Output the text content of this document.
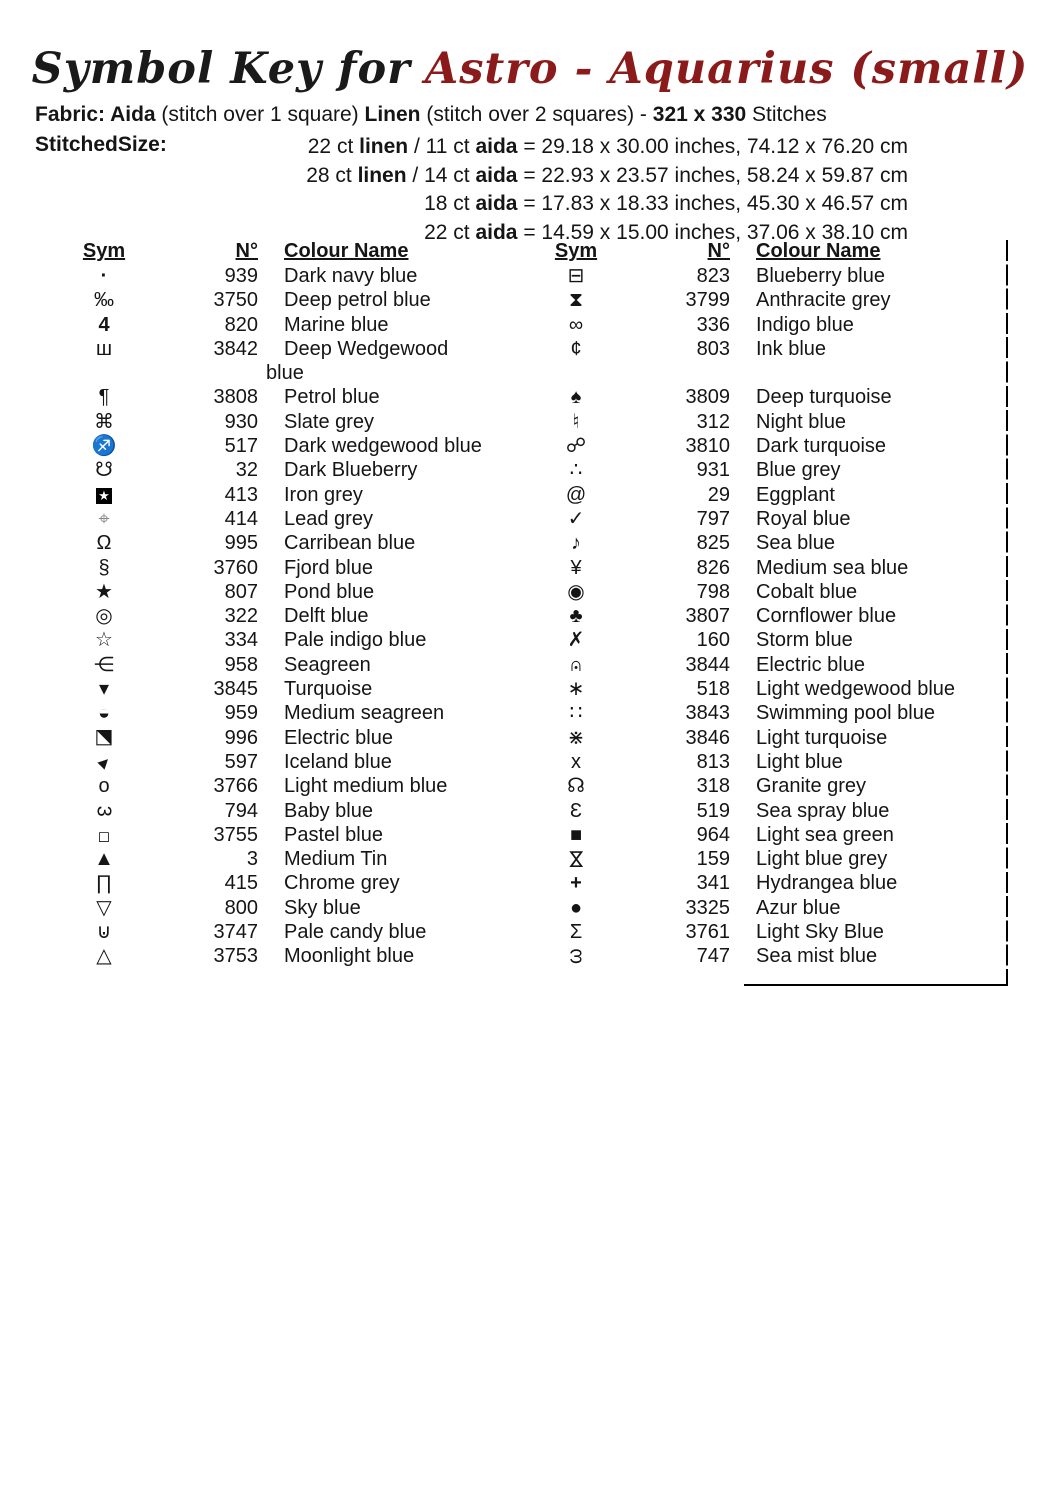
Symbol Key for Astro - Aquarius (small)
Fabric: Aida (stitch over 1 square) Linen (stitch over 2 squares) - 321 x 330 Stitches
StitchedSize:	22 ct linen / 11 ct aida = 29.18 x 30.00 inches, 74.12 x 76.20 cm
28 ct linen / 14 ct aida = 22.93 x 23.57 inches, 58.24 x 59.87 cm
18 ct aida = 17.83 x 18.33 inches, 45.30 x 46.57 cm
22 ct aida = 14.59 x 15.00 inches, 37.06 x 38.10 cm
Sym	N°	Colour Name
·	939	Dark navy blue
‰	3750	Deep petrol blue
4	820	Marine blue
ш	3842	Deep Wedgewood
blue
¶	3808	Petrol blue
⌘	930	Slate grey
♐	517	Dark wedgewood blue
☋	32	Dark Blueberry
★	413	Iron grey
⌖	414	Lead grey
Ω	995	Carribean blue
§	3760	Fjord blue
★	807	Pond blue
◎	322	Delft blue
☆	334	Pale indigo blue
⋲	958	Seagreen
▾	3845	Turquoise
◒	959	Medium seagreen
◪	996	Electric blue
▸	597	Iceland blue
o	3766	Light medium blue
3	794	Baby blue
◻	3755	Pastel blue
▲	3	Medium Tin
∏	415	Chrome grey
▽	800	Sky blue
⊍	3747	Pale candy blue
△	3753	Moonlight blue
Sym	N°	Colour Name
⊟	823	Blueberry blue
⧗	3799	Anthracite grey
∞	336	Indigo blue
¢	803	Ink blue
♠	3809	Deep turquoise
♮	312	Night blue
☍	3810	Dark turquoise
∴	931	Blue grey
@	29	Eggplant
✓	797	Royal blue
♪	825	Sea blue
¥	826	Medium sea blue
◉	798	Cobalt blue
♣	3807	Cornflower blue
✗	160	Storm blue
∩ •	3844	Electric blue
∗	518	Light wedgewood blue
∷	3843	Swimming pool blue
⋇	3846	Light turquoise
x	813	Light blue
☊	318	Granite grey
Ɛ	519	Sea spray blue
■	964	Light sea green
⋈	159	Light blue grey
+	341	Hydrangea blue
●	3325	Azur blue
Σ	3761	Light Sky Blue
ω	747	Sea mist blue
